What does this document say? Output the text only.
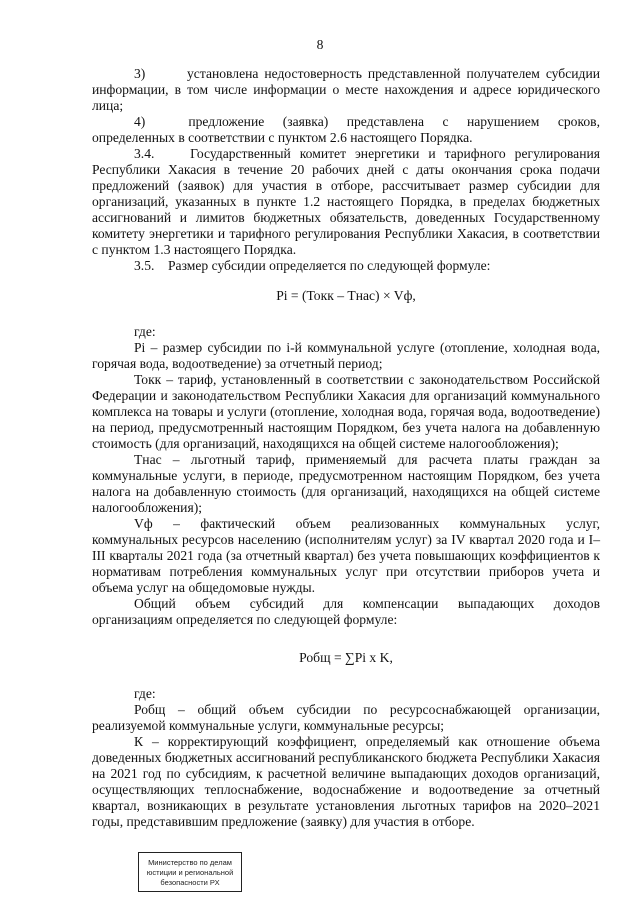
8

3)       установлена недостоверность представленной получателем субсидии информации, в том числе информации о месте нахождения и адресе юридического лица;

4)       предложение   (заявка)   представлена   с   нарушением   сроков, определенных в соответствии с пунктом 2.6 настоящего Порядка.

3.4.    Государственный комитет энергетики и тарифного регулирования Республики Хакасия в течение 20 рабочих дней с даты окончания срока подачи предложений (заявок) для участия в отборе, рассчитывает размер субсидии для организаций, указанных в пункте 1.2 настоящего Порядка, в пределах бюджетных ассигнований и лимитов бюджетных обязательств, доведенных Государственному комитету энергетики и тарифного регулирования Республики Хакасия, в соответствии с пунктом 1.3 настоящего Порядка.

3.5.    Размер субсидии определяется по следующей формуле:

Pi = (Токк – Тнас) × Vф,

где:

Pi – размер субсидии по i-й коммунальной услуге (отопление, холодная вода, горячая вода, водоотведение) за отчетный период;

Токк – тариф, установленный в соответствии с законодательством Российской Федерации и законодательством Республики Хакасия для организаций коммунального комплекса на товары и услуги (отопление, холодная вода, горячая вода, водоотведение) на период, предусмотренный настоящим Порядком, без учета налога на добавленную стоимость (для организаций, находящихся на общей системе налогообложения);

Тнас – льготный тариф, применяемый для расчета платы граждан за коммунальные услуги, в периоде, предусмотренном настоящим Порядком, без учета налога на добавленную стоимость (для организаций, находящихся на общей системе налогообложения);

Vф   –   фактический   объем   реализованных   коммунальных   услуг, коммунальных ресурсов населению (исполнителям услуг) за IV квартал 2020 года и I–III кварталы 2021 года (за отчетный квартал) без учета повышающих коэффициентов к нормативам потребления коммунальных услуг при отсутствии приборов учета и объема услуг на общедомовые нужды.

Общий   объем   субсидий   для   компенсации   выпадающих   доходов организациям определяется по следующей формуле:

Робщ = ∑Pi x K,

где:

Робщ – общий объем субсидии по ресурсоснабжающей организации, реализуемой коммунальные услуги, коммунальные ресурсы;

К – корректирующий коэффициент, определяемый как отношение объема доведенных бюджетных ассигнований республиканского бюджета Республики Хакасия на 2021 год по субсидиям, к расчетной величине выпадающих доходов организаций, осуществляющих теплоснабжение, водоснабжение и водоотведение за отчетный квартал, возникающих в результате установления льготных тарифов на 2020–2021 годы, представившим предложение (заявку) для участия в отборе.

Министерство по делам
юстиции и региональной
безопасности РХ
